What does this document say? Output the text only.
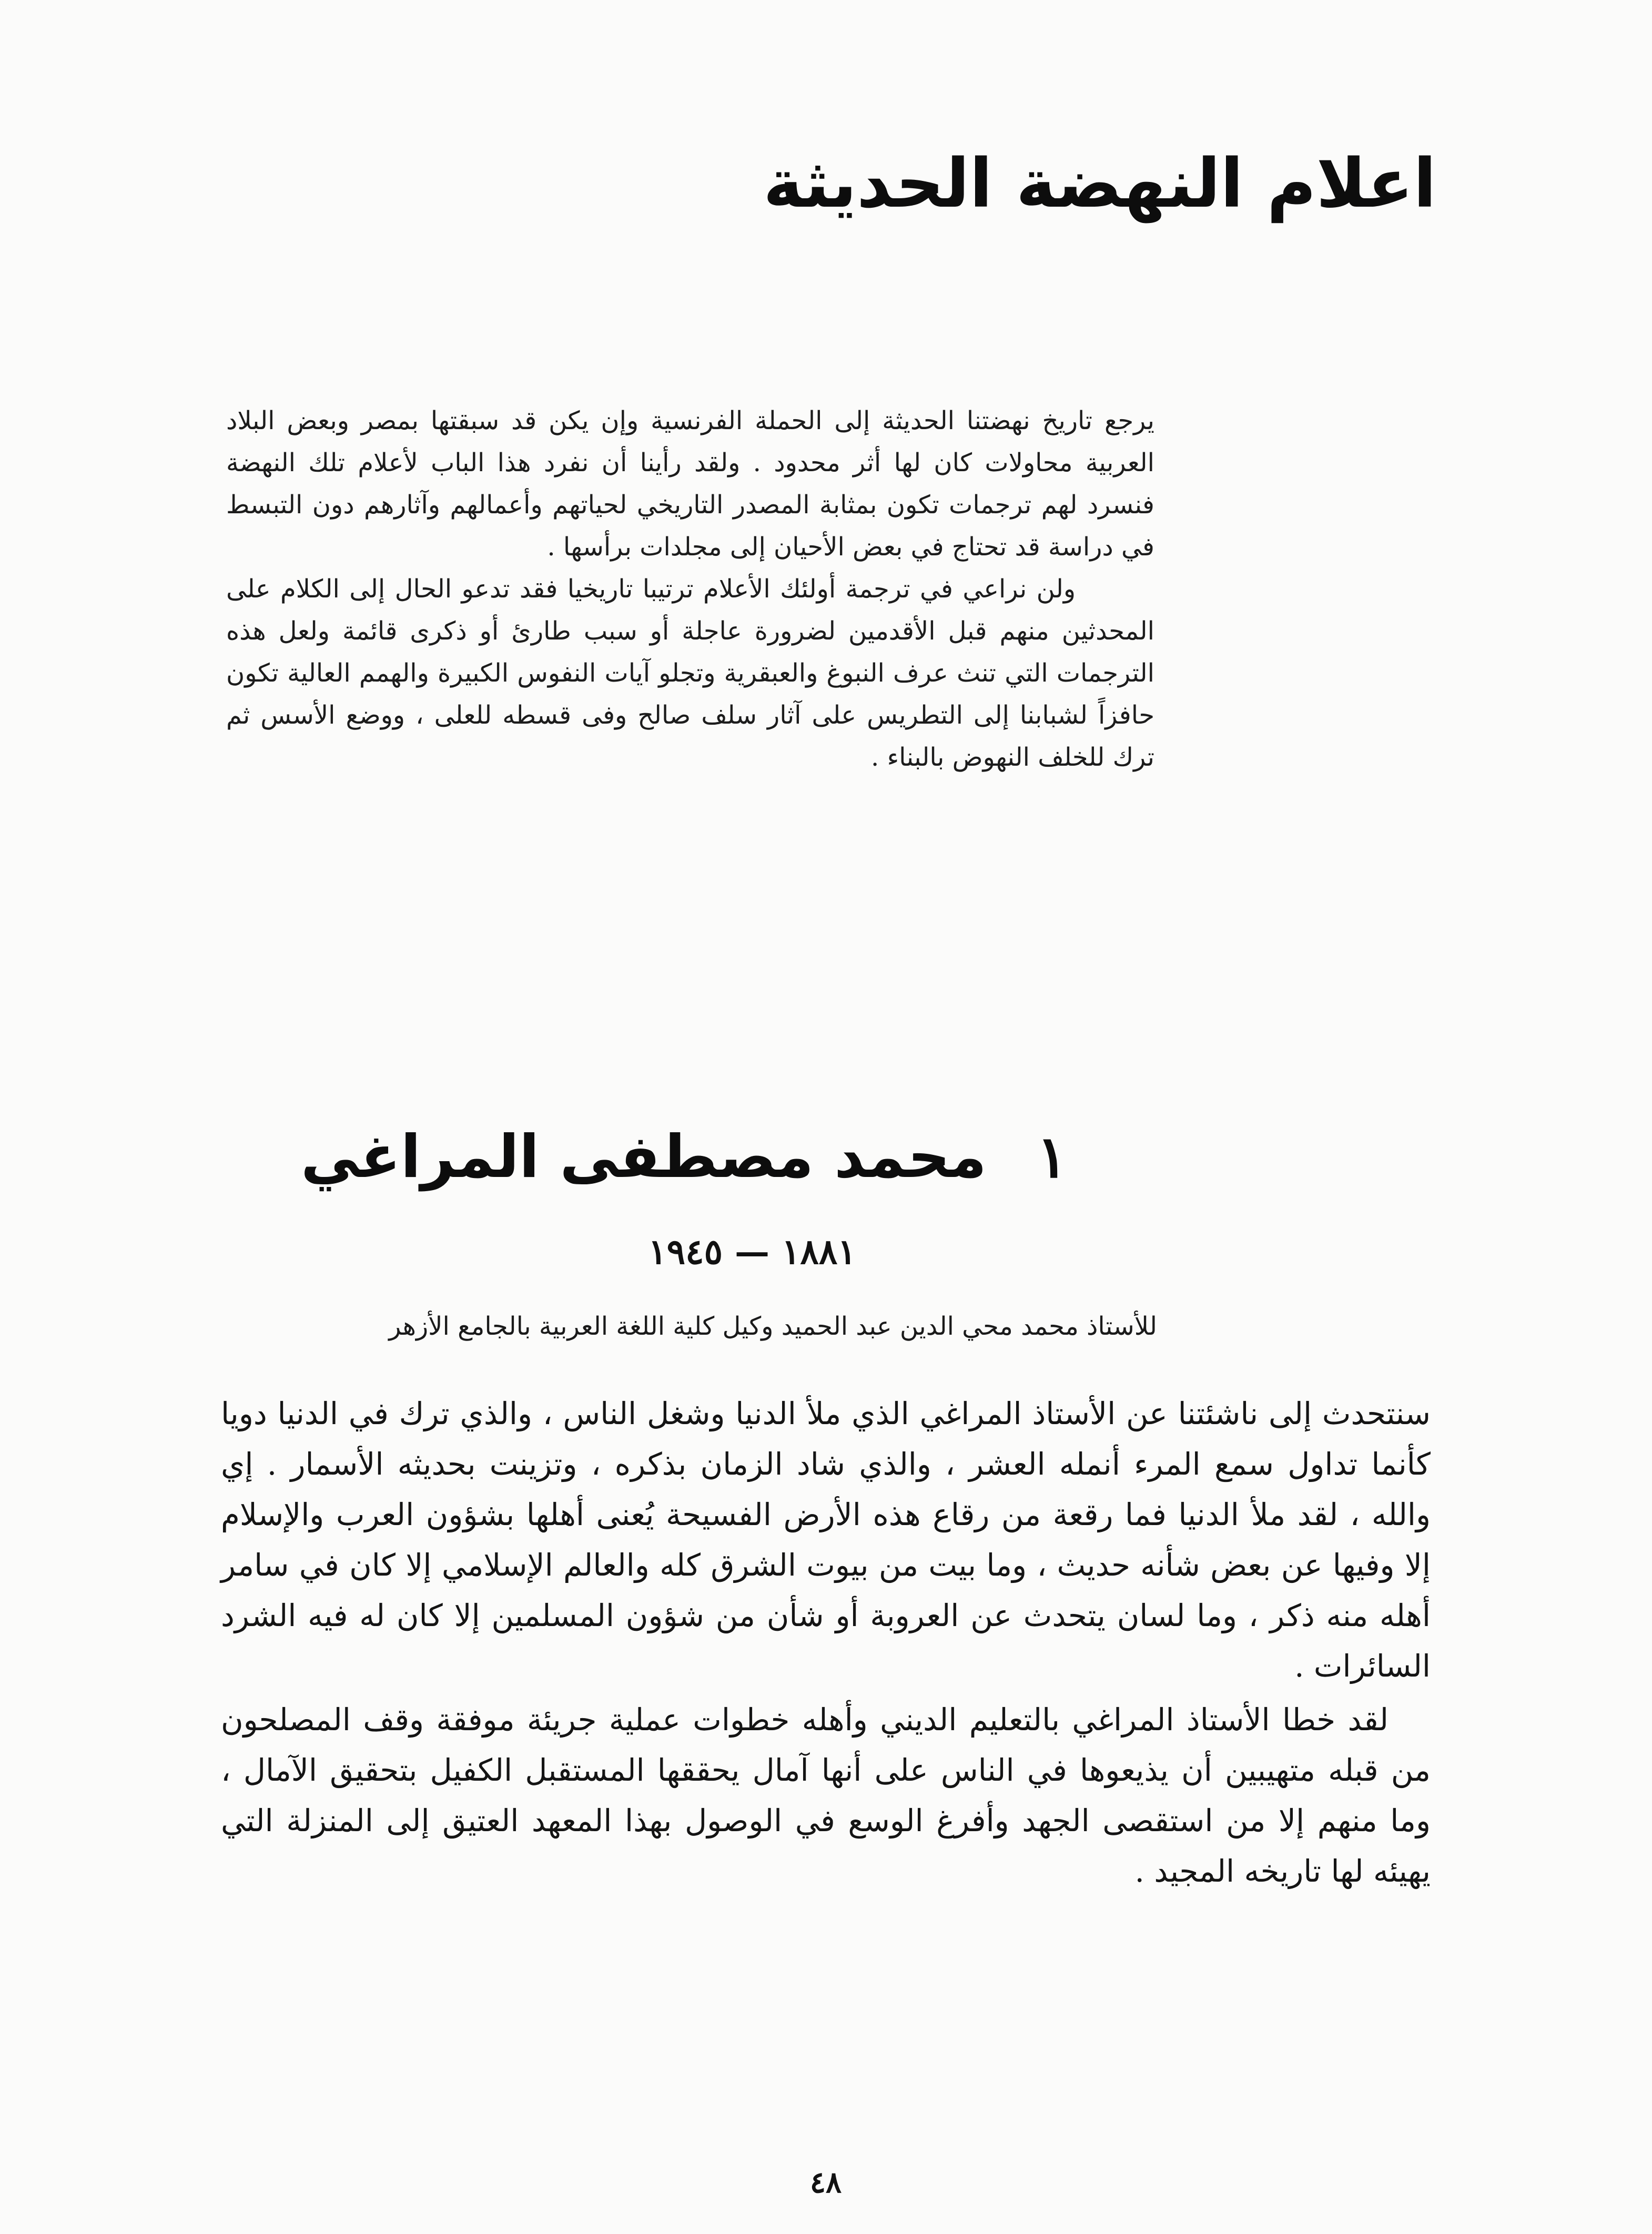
اعلام النهضة الحديثة

يرجع تاريخ نهضتنا الحديثة إلى الحملة الفرنسية وإن يكن قد سبقتها بمصر وبعض البلاد العربية محاولات كان لها أثر محدود . ولقد رأينا أن نفرد هذا الباب لأعلام تلك النهضة فنسرد لهم ترجمات تكون بمثابة المصدر التاريخي لحياتهم وأعمالهم وآثارهم دون التبسط في دراسة قد تحتاج في بعض الأحيان إلى مجلدات برأسها .

ولن نراعي في ترجمة أولئك الأعلام ترتيبا تاريخيا فقد تدعو الحال إلى الكلام على المحدثين منهم قبل الأقدمين لضرورة عاجلة أو سبب طارئ أو ذكرى قائمة ولعل هذه الترجمات التي تنث عرف النبوغ والعبقرية وتجلو آيات النفوس الكبيرة والهمم العالية تكون حافزاً لشبابنا إلى التطريس على آثار سلف صالح وفى قسطه للعلى ، ووضع الأسس ثم ترك للخلف النهوض بالبناء .

١
محمد مصطفى المراغي
١٨٨١ — ١٩٤٥
للأستاذ محمد محي الدين عبد الحميد وكيل كلية اللغة العربية بالجامع الأزهر

سنتحدث إلى ناشئتنا عن الأستاذ المراغي الذي ملأ الدنيا وشغل الناس ، والذي ترك في الدنيا دويا كأنما تداول سمع المرء أنمله العشر ، والذي شاد الزمان بذكره ، وتزينت بحديثه الأسمار . إي والله ، لقد ملأ الدنيا فما رقعة من رقاع هذه الأرض الفسيحة يُعنى أهلها بشؤون العرب والإسلام إلا وفيها عن بعض شأنه حديث ، وما بيت من بيوت الشرق كله والعالم الإسلامي إلا كان في سامر أهله منه ذكر ، وما لسان يتحدث عن العروبة أو شأن من شؤون المسلمين إلا كان له فيه الشرد السائرات .

لقد خطا الأستاذ المراغي بالتعليم الديني وأهله خطوات عملية جريئة موفقة وقف المصلحون من قبله متهيبين أن يذيعوها في الناس على أنها آمال يحققها المستقبل الكفيل بتحقيق الآمال ، وما منهم إلا من استقصى الجهد وأفرغ الوسع في الوصول بهذا المعهد العتيق إلى المنزلة التي يهيئه لها تاريخه المجيد .

٤٨
